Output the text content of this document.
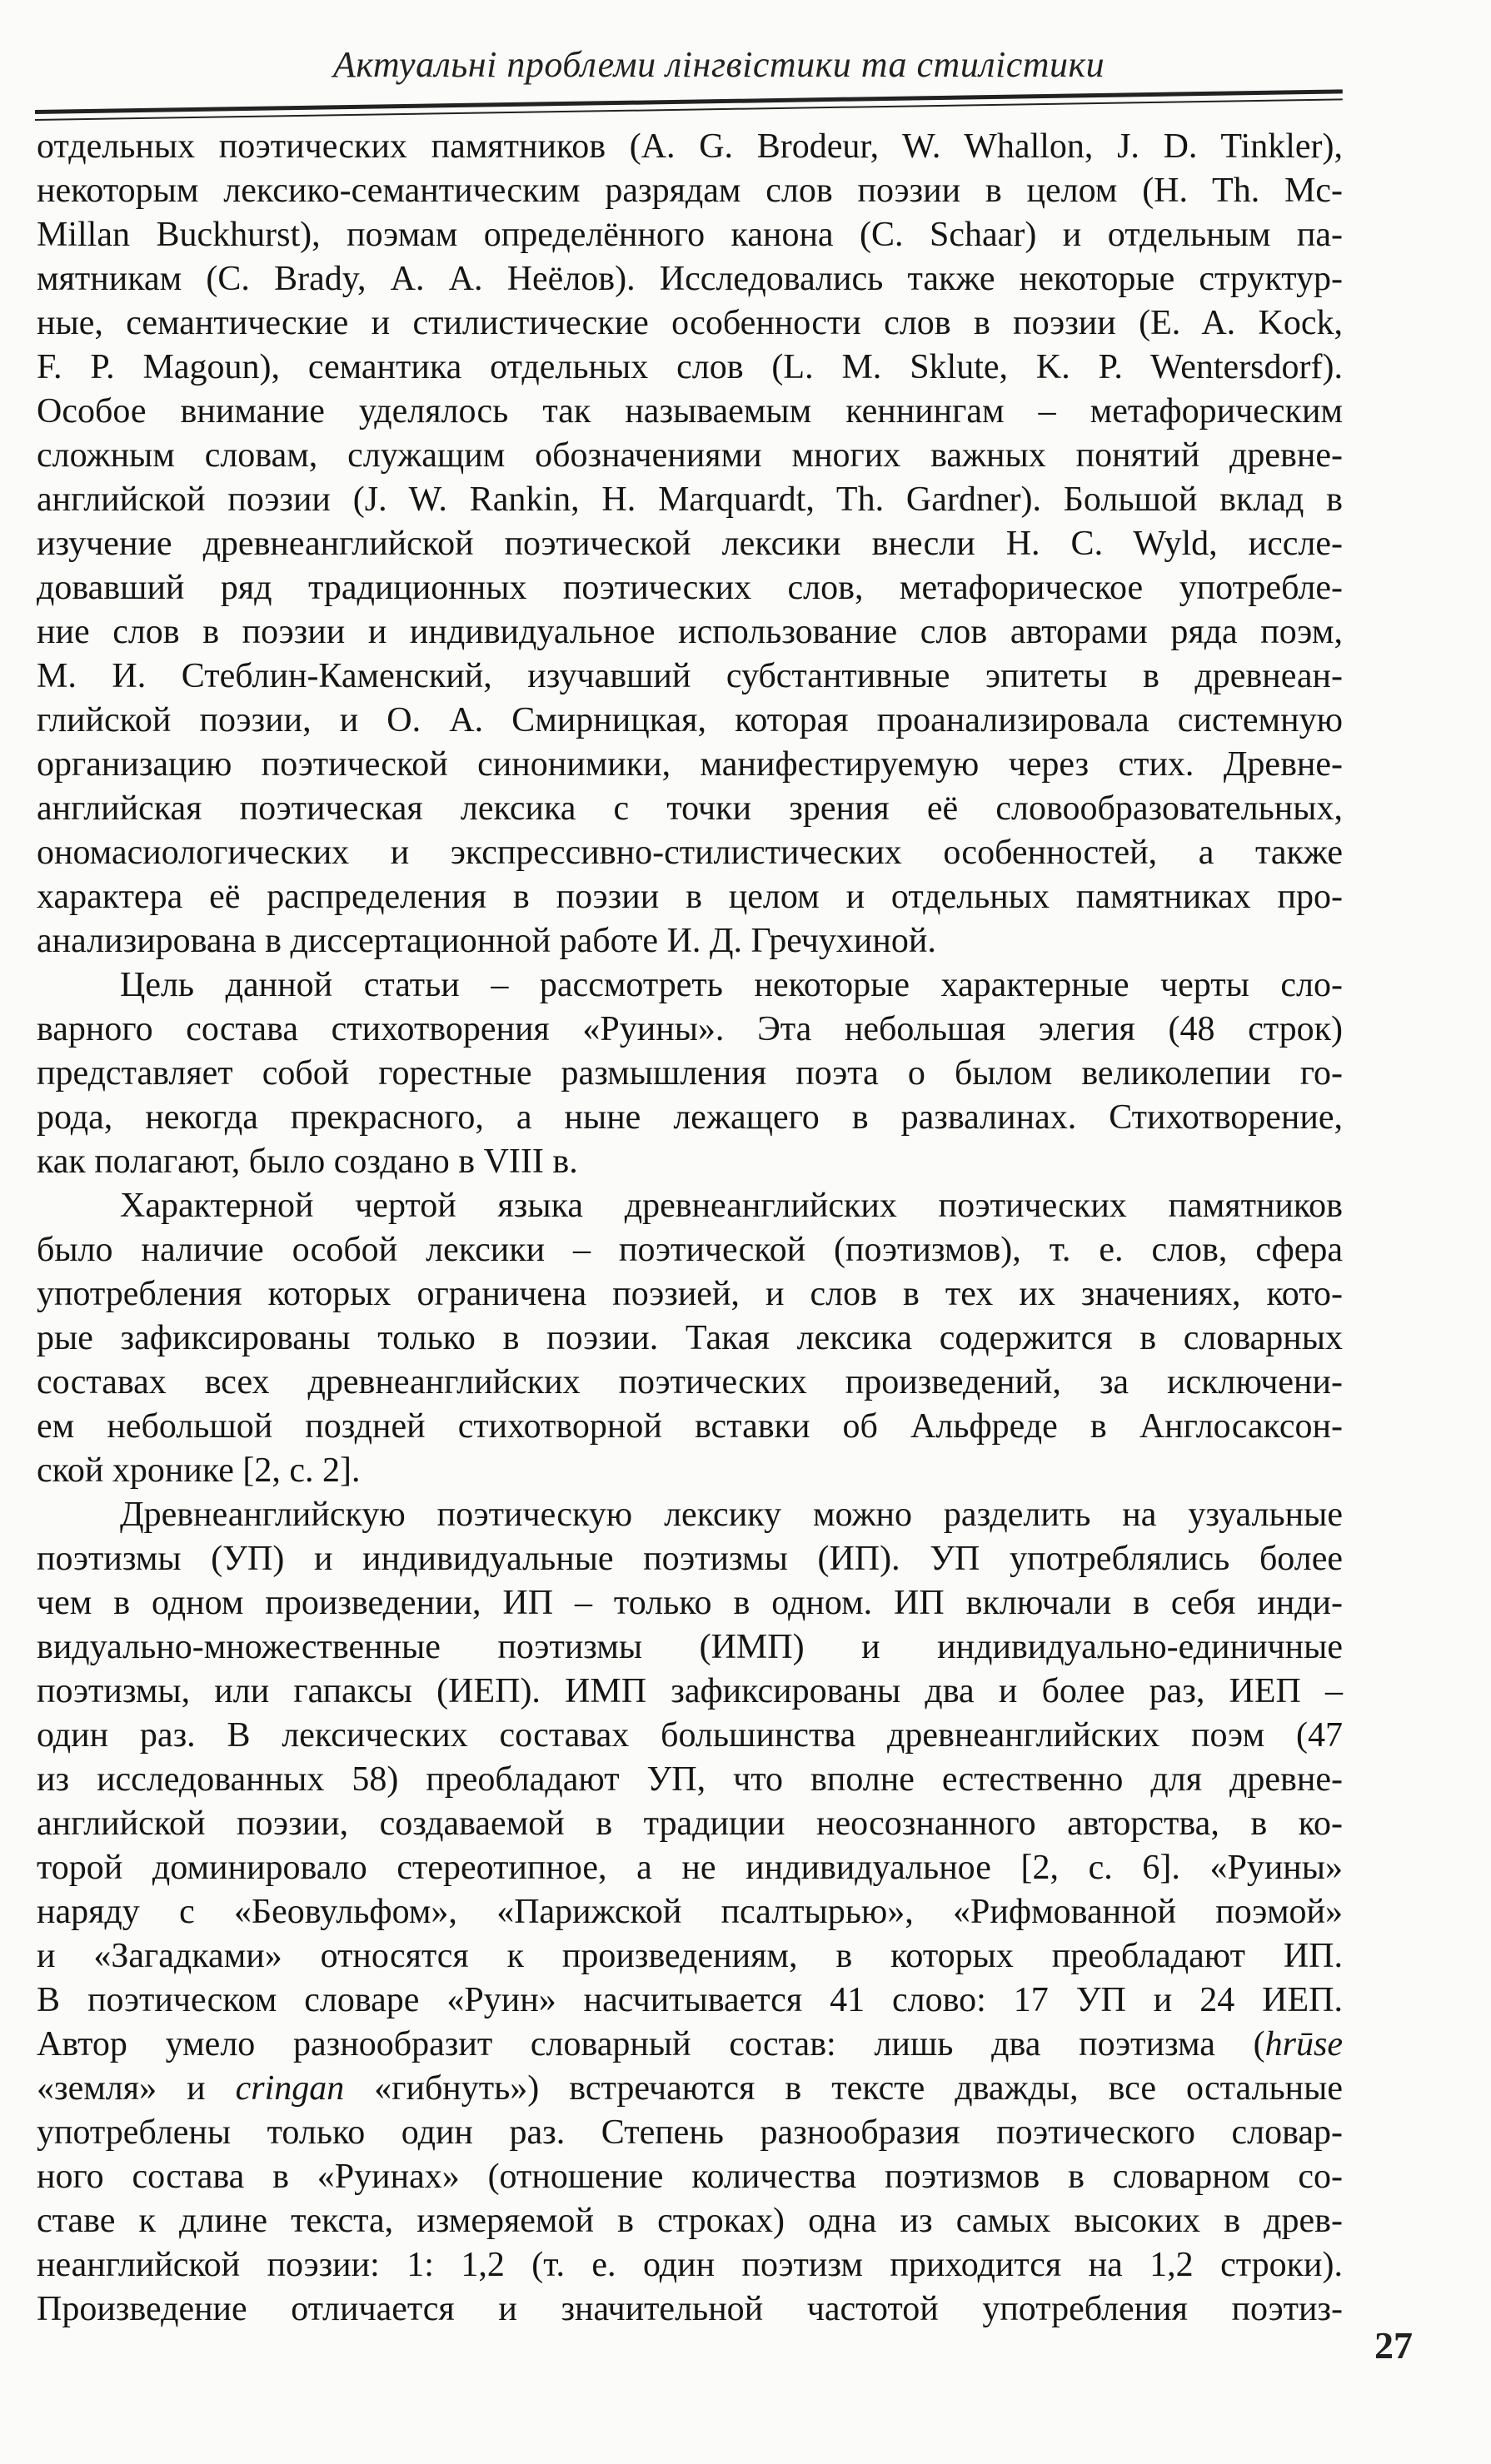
Актуальні проблеми лінгвістики та стилістики
отдельных поэтических памятников (A. G. Brodeur, W. Whallon, J. D. Tinkler),
некоторым лексико-семантическим разрядам слов поэзии в целом (H. Th. Mc-
Millan Buckhurst), поэмам определённого канона (C. Schaar) и отдельным па-
мятникам (C. Brady, А. А. Неёлов). Исследовались также некоторые структур-
ные, семантические и стилистические особенности слов в поэзии (E. A. Kock,
F. P. Magoun), семантика отдельных слов (L. M. Sklute, K. P. Wentersdorf).
Особое внимание уделялось так называемым кеннингам – метафорическим
сложным словам, служащим обозначениями многих важных понятий древне-
английской поэзии (J. W. Rankin, H. Marquardt, Th. Gardner). Большой вклад в
изучение древнеанглийской поэтической лексики внесли H. C. Wyld, иссле-
довавший ряд традиционных поэтических слов, метафорическое употребле-
ние слов в поэзии и индивидуальное использование слов авторами ряда поэм,
М. И. Стеблин-Каменский, изучавший субстантивные эпитеты в древнеан-
глийской поэзии, и О. А. Смирницкая, которая проанализировала системную
организацию поэтической синонимики, манифестируемую через стих. Древне-
английская поэтическая лексика с точки зрения её словообразовательных,
ономасиологических и экспрессивно-стилистических особенностей, а также
характера её распределения в поэзии в целом и отдельных памятниках про-
анализирована в диссертационной работе И. Д. Гречухиной.
Цель данной статьи – рассмотреть некоторые характерные черты сло-
варного состава стихотворения «Руины». Эта небольшая элегия (48 строк)
представляет собой горестные размышления поэта о былом великолепии го-
рода, некогда прекрасного, а ныне лежащего в развалинах. Стихотворение,
как полагают, было создано в VIII в.
Характерной чертой языка древнеанглийских поэтических памятников
было наличие особой лексики – поэтической (поэтизмов), т. е. слов, сфера
употребления которых ограничена поэзией, и слов в тех их значениях, кото-
рые зафиксированы только в поэзии. Такая лексика содержится в словарных
составах всех древнеанглийских поэтических произведений, за исключени-
ем небольшой поздней стихотворной вставки об Альфреде в Англосаксон-
ской хронике [2, с. 2].
Древнеанглийскую поэтическую лексику можно разделить на узуальные
поэтизмы (УП) и индивидуальные поэтизмы (ИП). УП употреблялись более
чем в одном произведении, ИП – только в одном. ИП включали в себя инди-
видуально-множественные поэтизмы (ИМП) и индивидуально-единичные
поэтизмы, или гапаксы (ИЕП). ИМП зафиксированы два и более раз, ИЕП –
один раз. В лексических составах большинства древнеанглийских поэм (47
из исследованных 58) преобладают УП, что вполне естественно для древне-
английской поэзии, создаваемой в традиции неосознанного авторства, в ко-
торой доминировало стереотипное, а не индивидуальное [2, с. 6]. «Руины»
наряду с «Беовульфом», «Парижской псалтырью», «Рифмованной поэмой»
и «Загадками» относятся к произведениям, в которых преобладают ИП.
В поэтическом словаре «Руин» насчитывается 41 слово: 17 УП и 24 ИЕП.
Автор умело разнообразит словарный состав: лишь два поэтизма (hrūse
«земля» и cringan «гибнуть») встречаются в тексте дважды, все остальные
употреблены только один раз. Степень разнообразия поэтического словар-
ного состава в «Руинах» (отношение количества поэтизмов в словарном со-
ставе к длине текста, измеряемой в строках) одна из самых высоких в древ-
неанглийской поэзии: 1: 1,2 (т. е. один поэтизм приходится на 1,2 строки).
Произведение отличается и значительной частотой употребления поэтиз-
27
